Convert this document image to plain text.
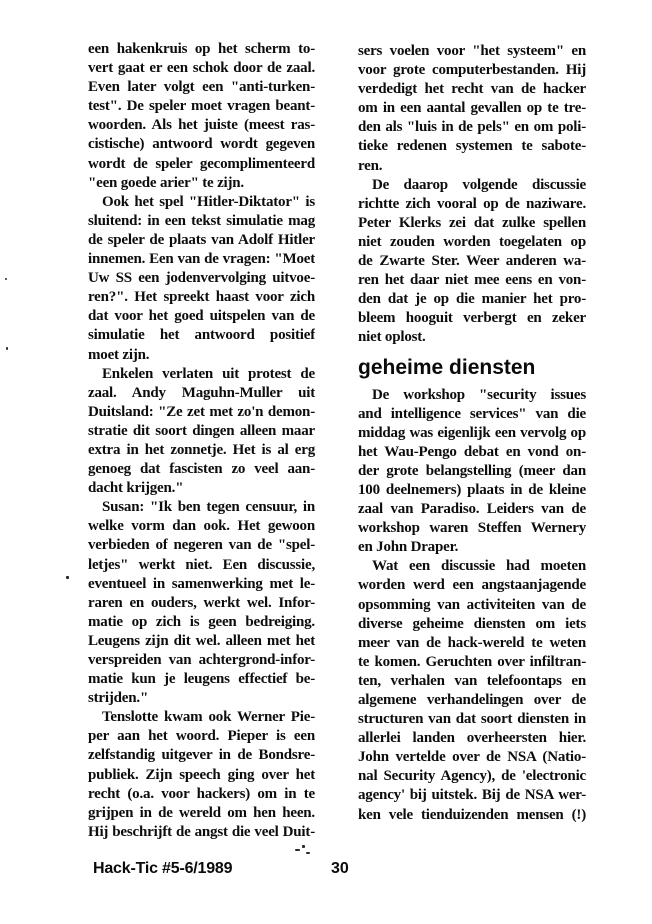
een hakenkruis op het scherm to-
vert gaat er een schok door de zaal.
Even later volgt een "anti-turken-
test". De speler moet vragen beant-
woorden. Als het juiste (meest ras-
cistische) antwoord wordt gegeven
wordt de speler gecomplimenteerd
"een goede arier" te zijn.
Ook het spel "Hitler-Diktator" is
sluitend: in een tekst simulatie mag
de speler de plaats van Adolf Hitler
innemen. Een van de vragen: "Moet
Uw SS een jodenvervolging uitvoe-
ren?". Het spreekt haast voor zich
dat voor het goed uitspelen van de
simulatie het antwoord positief
moet zijn.
Enkelen verlaten uit protest de
zaal. Andy Maguhn-Muller uit
Duitsland: "Ze zet met zo'n demon-
stratie dit soort dingen alleen maar
extra in het zonnetje. Het is al erg
genoeg dat fascisten zo veel aan-
dacht krijgen."
Susan: "Ik ben tegen censuur, in
welke vorm dan ook. Het gewoon
verbieden of negeren van de "spel-
letjes" werkt niet. Een discussie,
eventueel in samenwerking met le-
raren en ouders, werkt wel. Infor-
matie op zich is geen bedreiging.
Leugens zijn dit wel. alleen met het
verspreiden van achtergrond-infor-
matie kun je leugens effectief be-
strijden."
Tenslotte kwam ook Werner Pie-
per aan het woord. Pieper is een
zelfstandig uitgever in de Bondsre-
publiek. Zijn speech ging over het
recht (o.a. voor hackers) om in te
grijpen in de wereld om hen heen.
Hij beschrijft de angst die veel Duit-
sers voelen voor "het systeem" en
voor grote computerbestanden. Hij
verdedigt het recht van de hacker
om in een aantal gevallen op te tre-
den als "luis in de pels" en om poli-
tieke redenen systemen te sabote-
ren.
De daarop volgende discussie
richtte zich vooral op de naziware.
Peter Klerks zei dat zulke spellen
niet zouden worden toegelaten op
de Zwarte Ster. Weer anderen wa-
ren het daar niet mee eens en von-
den dat je op die manier het pro-
bleem hooguit verbergt en zeker
niet oplost.
geheime diensten
De workshop "security issues
and intelligence services" van die
middag was eigenlijk een vervolg op
het Wau-Pengo debat en vond on-
der grote belangstelling (meer dan
100 deelnemers) plaats in de kleine
zaal van Paradiso. Leiders van de
workshop waren Steffen Wernery
en John Draper.
Wat een discussie had moeten
worden werd een angstaanjagende
opsomming van activiteiten van de
diverse geheime diensten om iets
meer van de hack-wereld te weten
te komen. Geruchten over infiltran-
ten, verhalen van telefoontaps en
algemene verhandelingen over de
structuren van dat soort diensten in
allerlei landen overheersten hier.
John vertelde over de NSA (Natio-
nal Security Agency), de 'electronic
agency' bij uitstek. Bij de NSA wer-
ken vele tienduizenden mensen (!)
Hack-Tic #5-6/1989	30
